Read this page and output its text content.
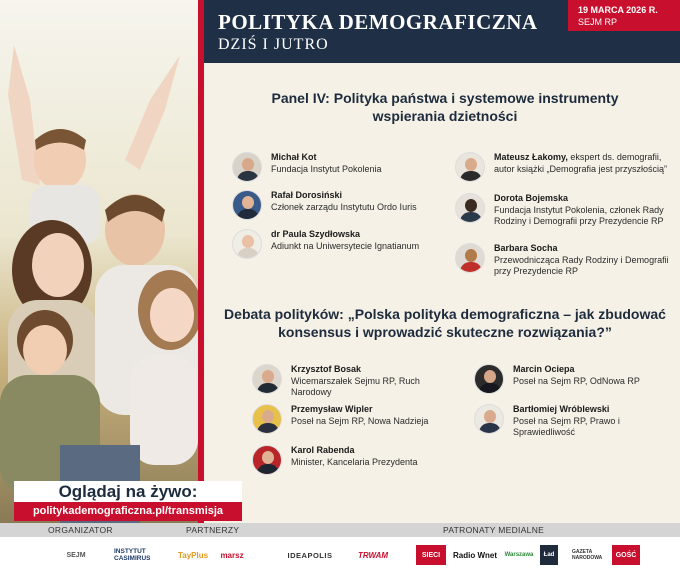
POLITYKA DEMOGRAFICZNA
DZIŚ I JUTRO
19 MARCA 2026 R.
SEJM RP
Panel IV: Polityka państwa i systemowe instrumenty wspierania dzietności
Michał Kot
Fundacja Instytut Pokolenia
Rafał Dorosiński
Członek zarządu Instytutu Ordo Iuris
dr Paula Szydłowska
Adiunkt na Uniwersytecie Ignatianum
Mateusz Łakomy, ekspert ds. demografii, autor książki „Demografia jest przyszłością”
Dorota Bojemska
Fundacja Instytut Pokolenia, członek Rady Rodziny i Demografii przy Prezydencie RP
Barbara Socha
Przewodnicząca Rady Rodziny i Demografii przy Prezydencie RP
Debata polityków: „Polska polityka demograficzna – jak zbudować konsensus i wprowadzić skuteczne rozwiązania?”
Krzysztof Bosak
Wicemarszałek Sejmu RP, Ruch Narodowy
Przemysław Wipler
Poseł na Sejm RP, Nowa Nadzieja
Karol Rabenda
Minister, Kancelaria Prezydenta
Marcin Ociepa
Poseł na Sejm RP, OdNowa RP
Bartłomiej Wróblewski
Poseł na Sejm RP, Prawo i Sprawiedliwość
Oglądaj na żywo:
politykademograficzna.pl/transmisja
ORGANIZATOR	PARTNERZY	PATRONATY MEDIALNE
SEJM	INSTYTUT CASIMIRUS	TayPlus	marsz	IDEAPOLIS	TRWAM	SIECI	Radio Wnet	Warszawa	Ład	GAZETA NARODOWA	GOŚĆ
